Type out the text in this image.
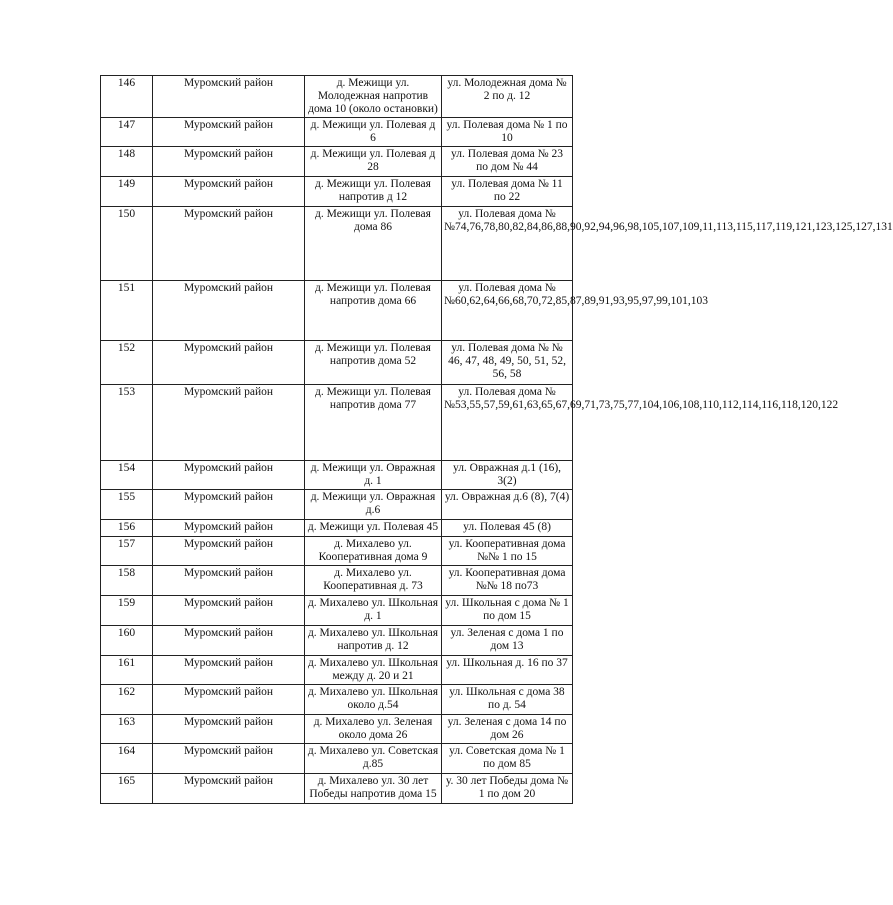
146	Муромский район	д. Межищи ул. Молодежная напротив дома 10 (около остановки)	ул. Молодежная дома № 2 по д. 12
147	Муромский район	д. Межищи ул. Полевая д 6	ул. Полевая дома № 1 по 10
148	Муромский район	д. Межищи ул. Полевая д 28	ул. Полевая дома № 23 по дом № 44
149	Муромский район	д. Межищи ул. Полевая напротив д 12	ул. Полевая дома № 11 по 22
150	Муромский район	д. Межищи ул. Полевая дома 86	ул. Полевая дома №№74,76,78,80,82,84,86,88,90,92,94,96,98,105,107,109,11,113,115,117,119,121,123,125,127,131
151	Муромский район	д. Межищи ул. Полевая напротив дома 66	ул. Полевая дома №№60,62,64,66,68,70,72,85,87,89,91,93,95,97,99,101,103
152	Муромский район	д. Межищи ул. Полевая напротив дома 52	ул. Полевая дома № № 46, 47, 48, 49, 50, 51, 52, 56, 58
153	Муромский район	д. Межищи ул. Полевая напротив дома 77	ул. Полевая дома №№53,55,57,59,61,63,65,67,69,71,73,75,77,104,106,108,110,112,114,116,118,120,122
154	Муромский район	д. Межищи ул. Овражная д. 1	ул. Овражная д.1 (16), 3(2)
155	Муромский район	д. Межищи ул. Овражная д.6	ул. Овражная д.6 (8), 7(4)
156	Муромский район	д. Межищи ул. Полевая 45	ул. Полевая 45 (8)
157	Муромский район	д. Михалево ул. Кооперативная дома 9	ул. Кооперативная дома №№ 1 по 15
158	Муромский район	д. Михалево ул. Кооперативная д. 73	ул. Кооперативная дома №№ 18 по73
159	Муромский район	д. Михалево ул. Школьная д. 1	ул. Школьная с дома № 1 по дом 15
160	Муромский район	д. Михалево ул. Школьная напротив д. 12	ул. Зеленая с дома 1 по дом 13
161	Муромский район	д. Михалево ул. Школьная между д. 20 и 21	ул. Школьная д. 16 по 37
162	Муромский район	д. Михалево ул. Школьная около д.54	ул. Школьная с дома 38 по д. 54
163	Муромский район	д. Михалево ул. Зеленая около дома 26	ул. Зеленая с дома 14 по дом 26
164	Муромский район	д. Михалево ул. Советская д.85	ул. Советская дома № 1 по дом 85
165	Муромский район	д. Михалево ул. 30 лет Победы напротив дома 15	у. 30 лет Победы дома № 1 по дом 20
